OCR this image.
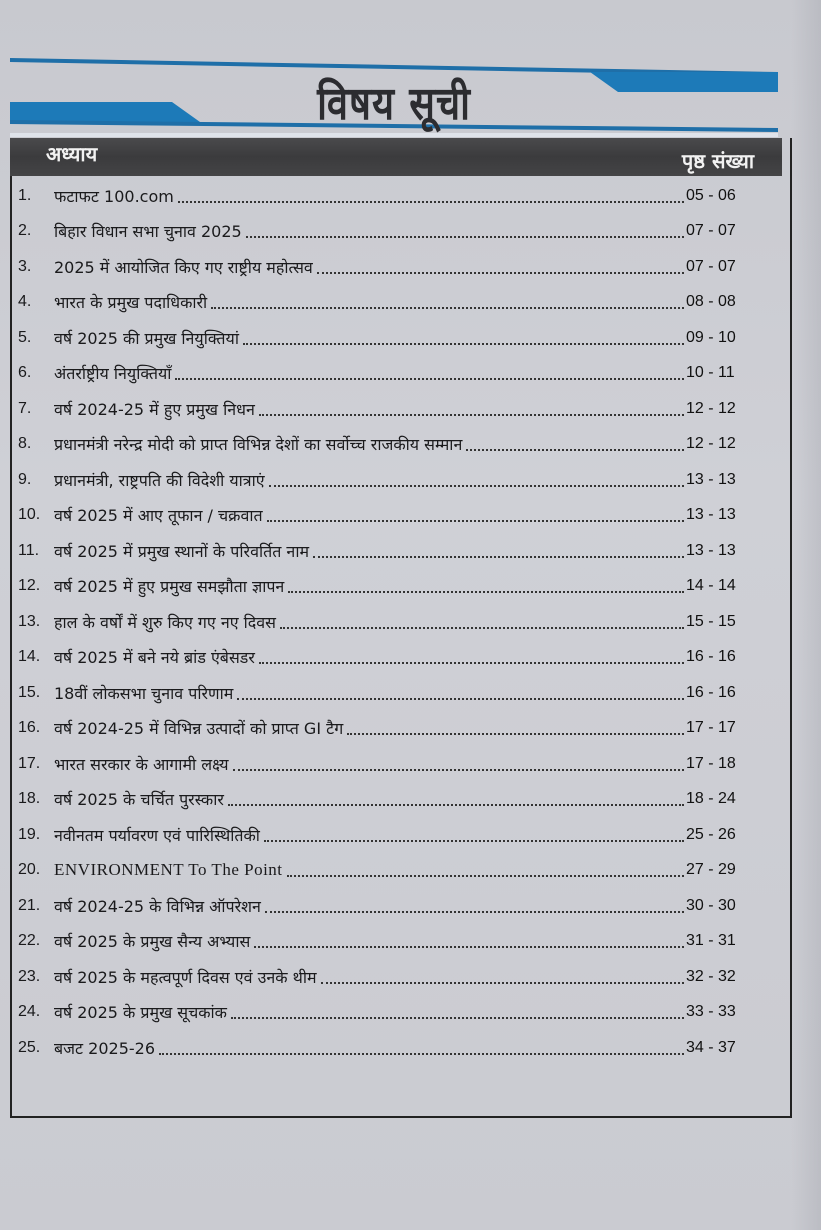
विषय सूची
अध्याय	पृष्ठ संख्या
1.	फटाफट 100.com	05 - 06
2.	बिहार विधान सभा चुनाव 2025	07 - 07
3.	2025 में आयोजित किए गए राष्ट्रीय महोत्सव	07 - 07
4.	भारत के प्रमुख पदाधिकारी	08 - 08
5.	वर्ष 2025 की प्रमुख नियुक्तियां	09 - 10
6.	अंतर्राष्ट्रीय नियुक्तियाँ	10 - 11
7.	वर्ष 2024-25 में हुए प्रमुख निधन	12 - 12
8.	प्रधानमंत्री नरेन्द्र मोदी को प्राप्त विभिन्न देशों का सर्वोच्च राजकीय सम्मान	12 - 12
9.	प्रधानमंत्री, राष्ट्रपति की विदेशी यात्राएं	13 - 13
10. वर्ष 2025 में आए तूफान / चक्रवात	13 - 13
11. वर्ष 2025 में प्रमुख स्थानों के परिवर्तित नाम	13 - 13
12. वर्ष 2025 में हुए प्रमुख समझौता ज्ञापन	14 - 14
13. हाल के वर्षों में शुरु किए गए नए दिवस	15 - 15
14. वर्ष 2025 में बने नये ब्रांड एंबेसडर	16 - 16
15. 18वीं लोकसभा चुनाव परिणाम	16 - 16
16. वर्ष 2024-25 में विभिन्न उत्पादों को प्राप्त GI टैग	17 - 17
17. भारत सरकार के आगामी लक्ष्य	17 - 18
18. वर्ष 2025 के चर्चित पुरस्कार	18 - 24
19. नवीनतम पर्यावरण एवं पारिस्थितिकी	25 - 26
20. ENVIRONMENT To The Point	27 - 29
21. वर्ष 2024-25 के विभिन्न ऑपरेशन	30 - 30
22. वर्ष 2025 के प्रमुख सैन्य अभ्यास	31 - 31
23. वर्ष 2025 के महत्वपूर्ण दिवस एवं उनके थीम	32 - 32
24. वर्ष 2025 के प्रमुख सूचकांक	33 - 33
25. बजट 2025-26	34 - 37
